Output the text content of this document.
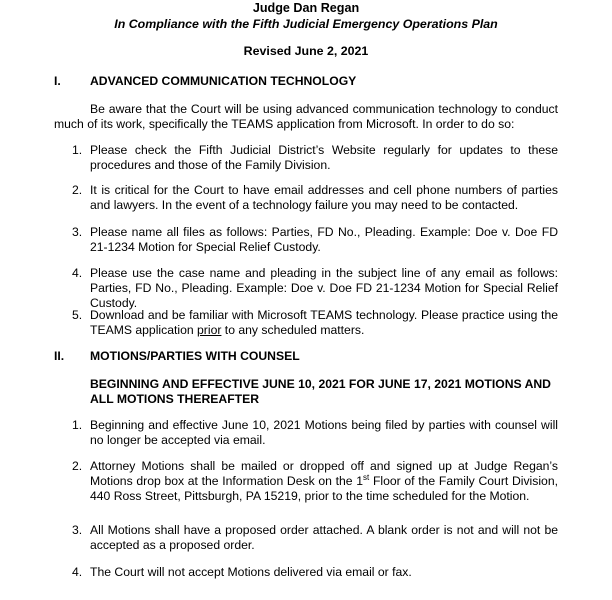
Judge Dan Regan
In Compliance with the Fifth Judicial Emergency Operations Plan
Revised June 2, 2021
I. ADVANCED COMMUNICATION TECHNOLOGY
Be aware that the Court will be using advanced communication technology to conduct much of its work, specifically the TEAMS application from Microsoft. In order to do so:
1. Please check the Fifth Judicial District’s Website regularly for updates to these procedures and those of the Family Division.
2. It is critical for the Court to have email addresses and cell phone numbers of parties and lawyers. In the event of a technology failure you may need to be contacted.
3. Please name all files as follows: Parties, FD No., Pleading. Example: Doe v. Doe FD 21-1234 Motion for Special Relief Custody.
4. Please use the case name and pleading in the subject line of any email as follows: Parties, FD No., Pleading. Example: Doe v. Doe FD 21-1234 Motion for Special Relief Custody.
5. Download and be familiar with Microsoft TEAMS technology. Please practice using the TEAMS application prior to any scheduled matters.
II. MOTIONS/PARTIES WITH COUNSEL
BEGINNING AND EFFECTIVE JUNE 10, 2021 FOR JUNE 17, 2021 MOTIONS AND ALL MOTIONS THEREAFTER
1. Beginning and effective June 10, 2021 Motions being filed by parties with counsel will no longer be accepted via email.
2. Attorney Motions shall be mailed or dropped off and signed up at Judge Regan’s Motions drop box at the Information Desk on the 1st Floor of the Family Court Division, 440 Ross Street, Pittsburgh, PA 15219, prior to the time scheduled for the Motion.
3. All Motions shall have a proposed order attached. A blank order is not and will not be accepted as a proposed order.
4. The Court will not accept Motions delivered via email or fax.
